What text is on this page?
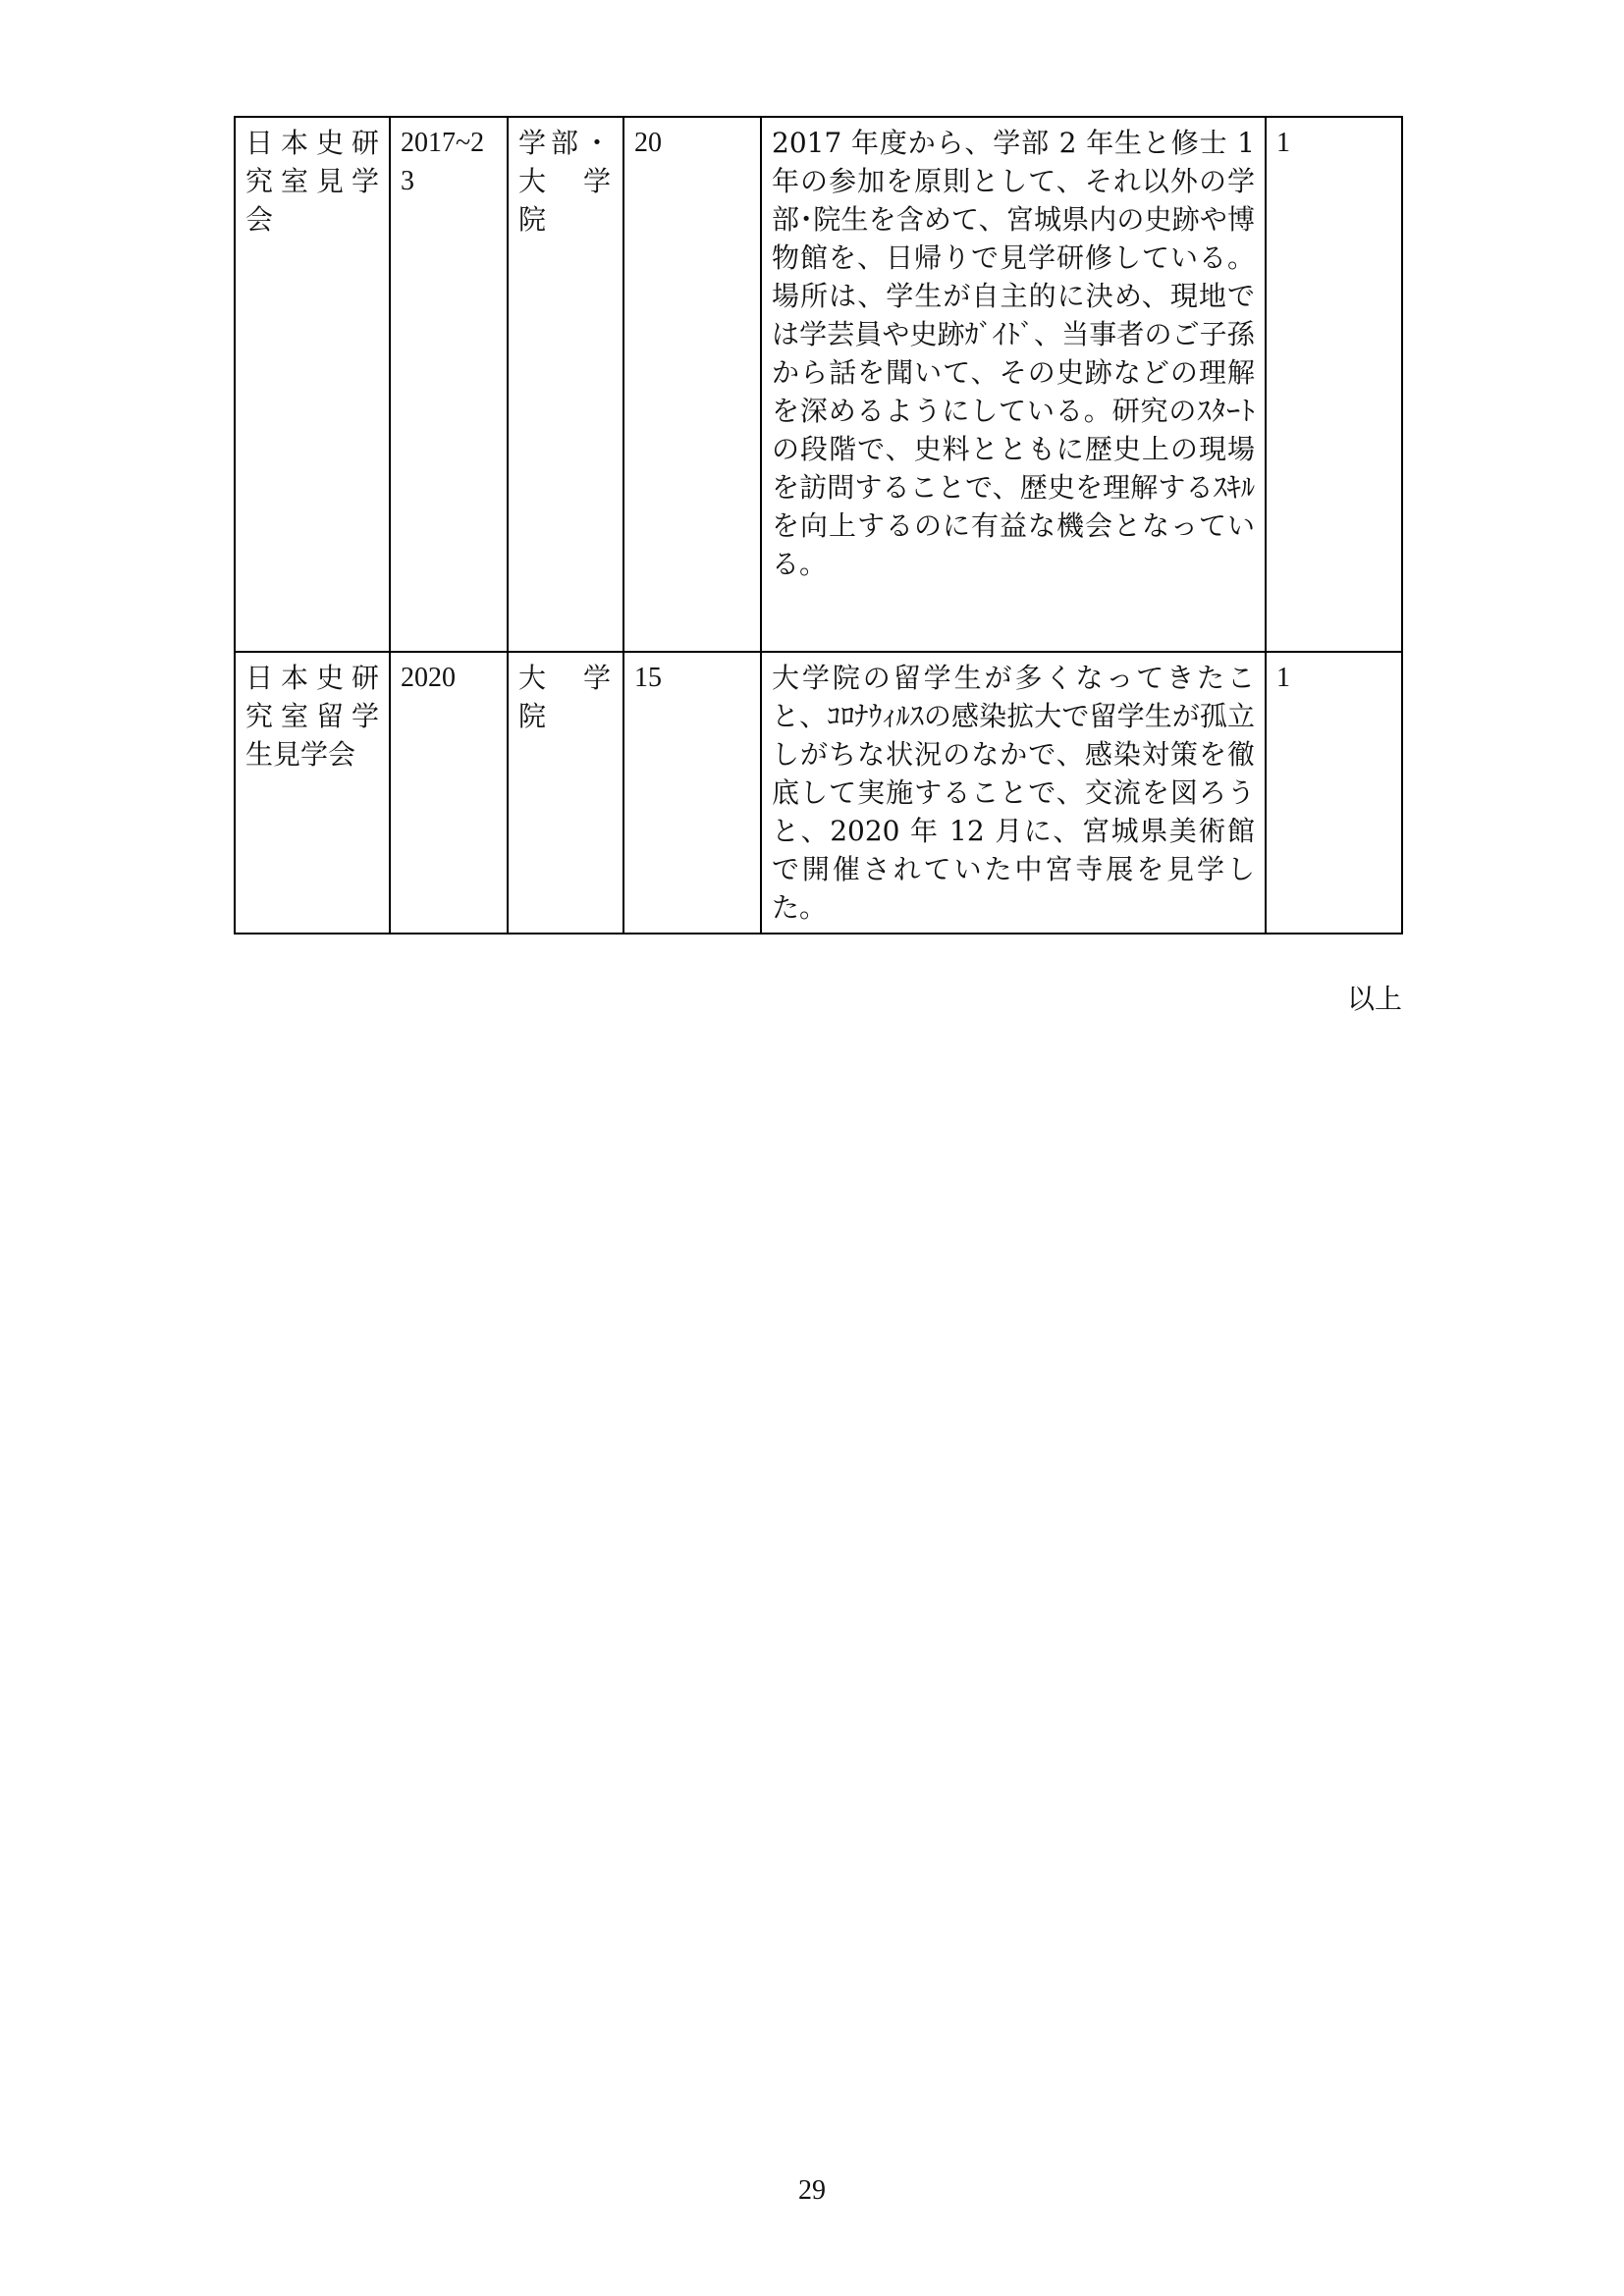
日本史研究室見学会	2017~23	学部・大 学院	20	2017 年度から、学部 2 年生と修士 1 年の参加を原則として、それ以外の学部･院生を含めて、宮城県内の史跡や博物館を、日帰りで見学研修している。場所は、学生が自主的に決め、現地では学芸員や史跡ｶﾞｲﾄﾞ、当事者のご子孫から話を聞いて、その史跡などの理解を深めるようにしている。研究のｽﾀｰﾄの段階で、史料とともに歴史上の現場を訪問することで、歴史を理解するｽｷﾙを向上するのに有益な機会となっている。	1
日本史研究室留学生見学会	2020	大 学院	15	大学院の留学生が多くなってきたこと、ｺﾛﾅｳｨﾙｽの感染拡大で留学生が孤立しがちな状況のなかで、感染対策を徹底して実施することで、交流を図ろうと、2020 年 12 月に、宮城県美術館で開催されていた中宮寺展を見学した。	1
以上
29
